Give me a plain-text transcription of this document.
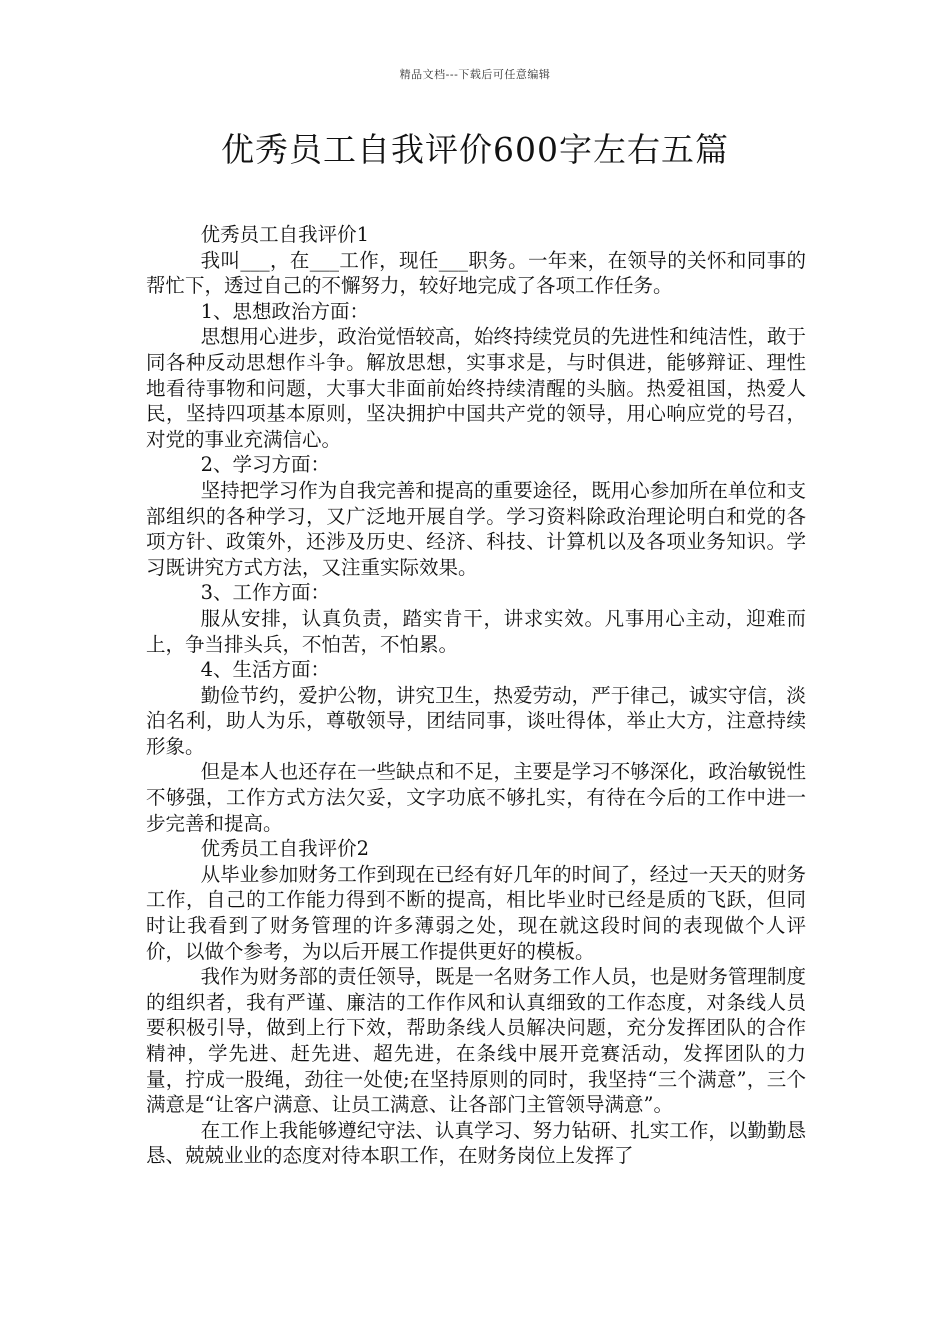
精品文档---下载后可任意编辑
优秀员工自我评价600字左右五篇

优秀员工自我评价1

我叫___，在___工作，现任___职务。一年来，在领导的关怀和同事的帮忙下，透过自己的不懈努力，较好地完成了各项工作任务。

1、思想政治方面：

思想用心进步，政治觉悟较高，始终持续党员的先进性和纯洁性，敢于同各种反动思想作斗争。解放思想，实事求是，与时俱进，能够辩证、理性地看待事物和问题，大事大非面前始终持续清醒的头脑。热爱祖国，热爱人民，坚持四项基本原则，坚决拥护中国共产党的领导，用心响应党的号召，对党的事业充满信心。

2、学习方面：

坚持把学习作为自我完善和提高的重要途径，既用心参加所在单位和支部组织的各种学习，又广泛地开展自学。学习资料除政治理论明白和党的各项方针、政策外，还涉及历史、经济、科技、计算机以及各项业务知识。学习既讲究方式方法，又注重实际效果。

3、工作方面：

服从安排，认真负责，踏实肯干，讲求实效。凡事用心主动，迎难而上，争当排头兵，不怕苦，不怕累。

4、生活方面：

勤俭节约，爱护公物，讲究卫生，热爱劳动，严于律己，诚实守信，淡泊名利，助人为乐，尊敬领导，团结同事，谈吐得体，举止大方，注意持续形象。

但是本人也还存在一些缺点和不足，主要是学习不够深化，政治敏锐性不够强，工作方式方法欠妥，文字功底不够扎实，有待在今后的工作中进一步完善和提高。

优秀员工自我评价2

从毕业参加财务工作到现在已经有好几年的时间了，经过一天天的财务工作，自己的工作能力得到不断的提高，相比毕业时已经是质的飞跃，但同时让我看到了财务管理的许多薄弱之处，现在就这段时间的表现做个人评价，以做个参考，为以后开展工作提供更好的模板。

我作为财务部的责任领导，既是一名财务工作人员，也是财务管理制度的组织者，我有严谨、廉洁的工作作风和认真细致的工作态度，对条线人员要积极引导，做到上行下效，帮助条线人员解决问题，充分发挥团队的合作精神，学先进、赶先进、超先进，在条线中展开竞赛活动，发挥团队的力量，拧成一股绳，劲往一处使;在坚持原则的同时，我坚持“三个满意”，三个满意是“让客户满意、让员工满意、让各部门主管领导满意”。

在工作上我能够遵纪守法、认真学习、努力钻研、扎实工作，以勤勤恳恳、兢兢业业的态度对待本职工作，在财务岗位上发挥了
